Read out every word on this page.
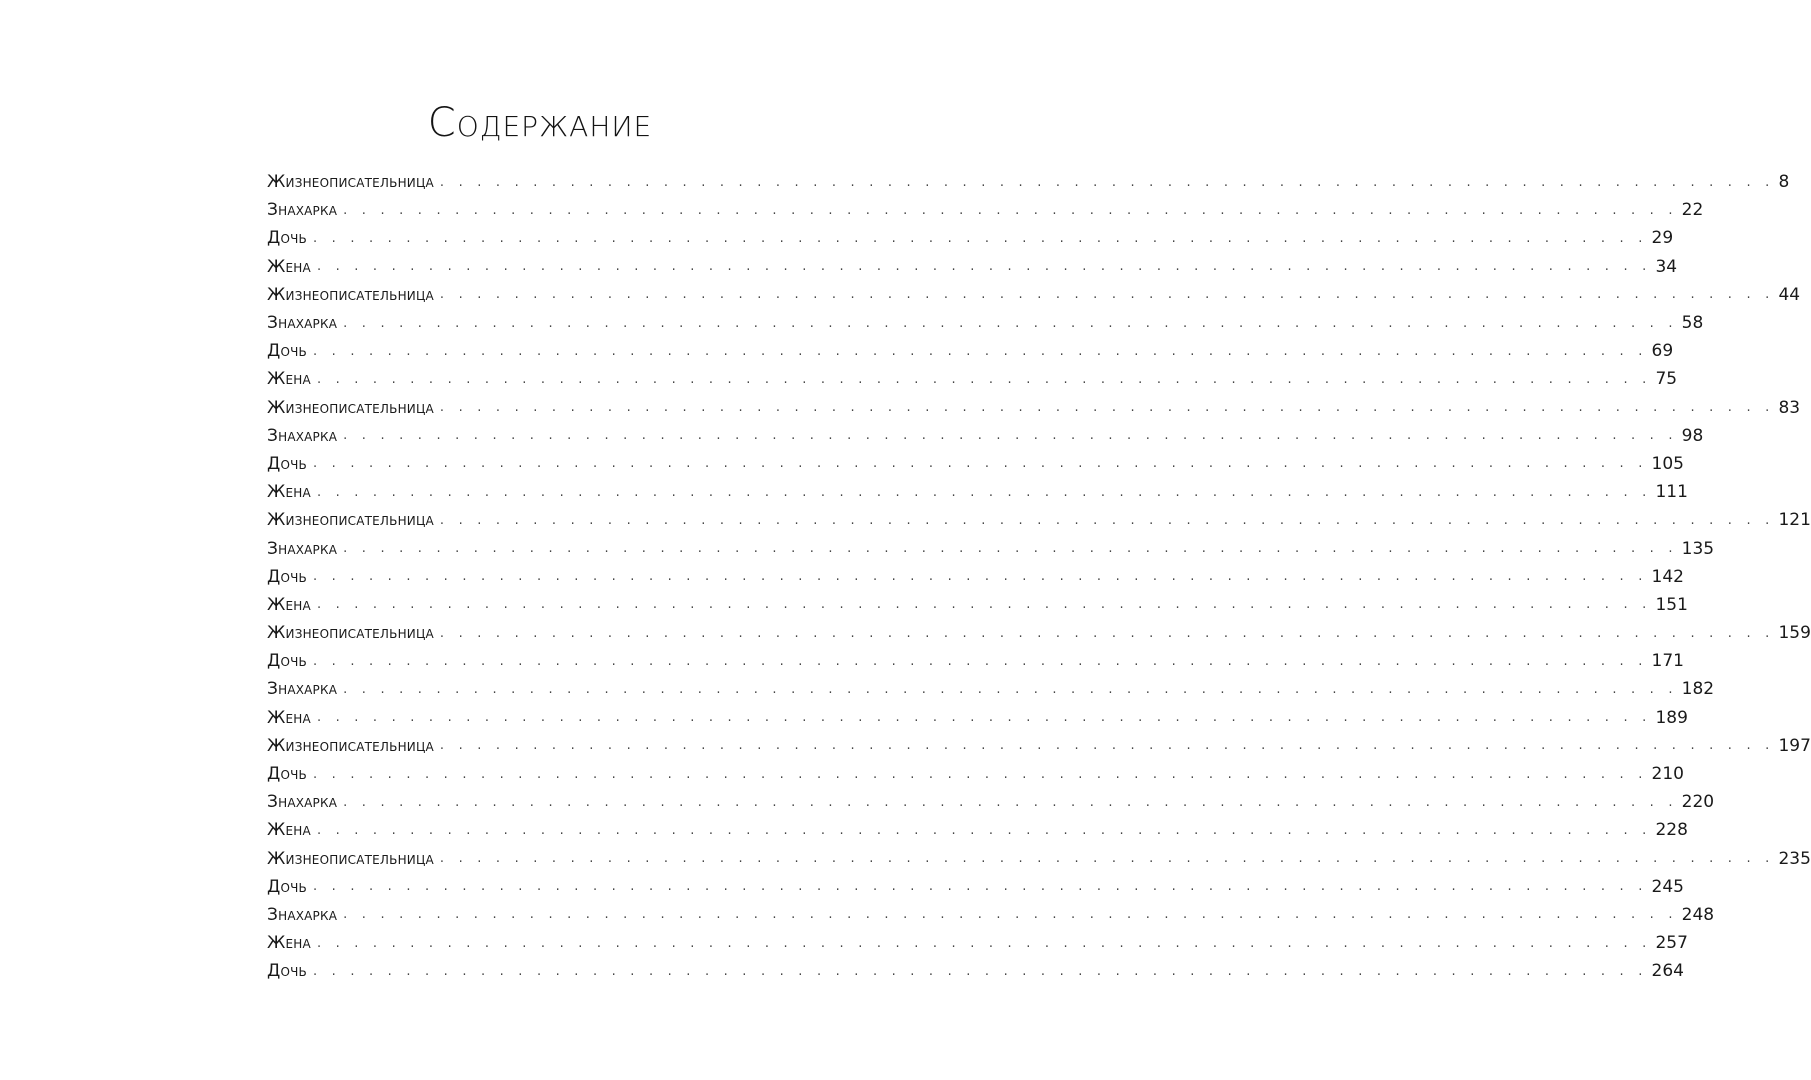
Содержание
Жизнеописательница . . . . . . . . . . . . . . . . . . . . . . . . . . . . . . . . . . . . . . . . . . . . . . . . . . . . . . . . . . . . . . . . . . . . . . . . 8
Знахарка . . . . . . . . . . . . . . . . . . . . . . . . . . . . . . . . . . . . . . . . . . . . . . . . . . . . . . . . . . . . . . . . . . . . . . . . 22
Дочь . . . . . . . . . . . . . . . . . . . . . . . . . . . . . . . . . . . . . . . . . . . . . . . . . . . . . . . . . . . . . . . . . . . . . . . . 29
Жена . . . . . . . . . . . . . . . . . . . . . . . . . . . . . . . . . . . . . . . . . . . . . . . . . . . . . . . . . . . . . . . . . . . . . . . . 34
Жизнеописательница . . . . . . . . . . . . . . . . . . . . . . . . . . . . . . . . . . . . . . . . . . . . . . . . . . . . . . . . . . . . . . . . . . . . . . . . 44
Знахарка . . . . . . . . . . . . . . . . . . . . . . . . . . . . . . . . . . . . . . . . . . . . . . . . . . . . . . . . . . . . . . . . . . . . . . . . 58
Дочь . . . . . . . . . . . . . . . . . . . . . . . . . . . . . . . . . . . . . . . . . . . . . . . . . . . . . . . . . . . . . . . . . . . . . . . . 69
Жена . . . . . . . . . . . . . . . . . . . . . . . . . . . . . . . . . . . . . . . . . . . . . . . . . . . . . . . . . . . . . . . . . . . . . . . . 75
Жизнеописательница . . . . . . . . . . . . . . . . . . . . . . . . . . . . . . . . . . . . . . . . . . . . . . . . . . . . . . . . . . . . . . . . . . . . . . . . 83
Знахарка . . . . . . . . . . . . . . . . . . . . . . . . . . . . . . . . . . . . . . . . . . . . . . . . . . . . . . . . . . . . . . . . . . . . . . . . 98
Дочь . . . . . . . . . . . . . . . . . . . . . . . . . . . . . . . . . . . . . . . . . . . . . . . . . . . . . . . . . . . . . . . . . . . . . . . . 105
Жена . . . . . . . . . . . . . . . . . . . . . . . . . . . . . . . . . . . . . . . . . . . . . . . . . . . . . . . . . . . . . . . . . . . . . . . . 111
Жизнеописательница . . . . . . . . . . . . . . . . . . . . . . . . . . . . . . . . . . . . . . . . . . . . . . . . . . . . . . . . . . . . . . . . . . . . . . . . 121
Знахарка . . . . . . . . . . . . . . . . . . . . . . . . . . . . . . . . . . . . . . . . . . . . . . . . . . . . . . . . . . . . . . . . . . . . . . . . 135
Дочь . . . . . . . . . . . . . . . . . . . . . . . . . . . . . . . . . . . . . . . . . . . . . . . . . . . . . . . . . . . . . . . . . . . . . . . . 142
Жена . . . . . . . . . . . . . . . . . . . . . . . . . . . . . . . . . . . . . . . . . . . . . . . . . . . . . . . . . . . . . . . . . . . . . . . . 151
Жизнеописательница . . . . . . . . . . . . . . . . . . . . . . . . . . . . . . . . . . . . . . . . . . . . . . . . . . . . . . . . . . . . . . . . . . . . . . . . 159
Дочь . . . . . . . . . . . . . . . . . . . . . . . . . . . . . . . . . . . . . . . . . . . . . . . . . . . . . . . . . . . . . . . . . . . . . . . . 171
Знахарка . . . . . . . . . . . . . . . . . . . . . . . . . . . . . . . . . . . . . . . . . . . . . . . . . . . . . . . . . . . . . . . . . . . . . . . . 182
Жена . . . . . . . . . . . . . . . . . . . . . . . . . . . . . . . . . . . . . . . . . . . . . . . . . . . . . . . . . . . . . . . . . . . . . . . . 189
Жизнеописательница . . . . . . . . . . . . . . . . . . . . . . . . . . . . . . . . . . . . . . . . . . . . . . . . . . . . . . . . . . . . . . . . . . . . . . . . 197
Дочь . . . . . . . . . . . . . . . . . . . . . . . . . . . . . . . . . . . . . . . . . . . . . . . . . . . . . . . . . . . . . . . . . . . . . . . . 210
Знахарка . . . . . . . . . . . . . . . . . . . . . . . . . . . . . . . . . . . . . . . . . . . . . . . . . . . . . . . . . . . . . . . . . . . . . . . . 220
Жена . . . . . . . . . . . . . . . . . . . . . . . . . . . . . . . . . . . . . . . . . . . . . . . . . . . . . . . . . . . . . . . . . . . . . . . . 228
Жизнеописательница . . . . . . . . . . . . . . . . . . . . . . . . . . . . . . . . . . . . . . . . . . . . . . . . . . . . . . . . . . . . . . . . . . . . . . . . 235
Дочь . . . . . . . . . . . . . . . . . . . . . . . . . . . . . . . . . . . . . . . . . . . . . . . . . . . . . . . . . . . . . . . . . . . . . . . . 245
Знахарка . . . . . . . . . . . . . . . . . . . . . . . . . . . . . . . . . . . . . . . . . . . . . . . . . . . . . . . . . . . . . . . . . . . . . . . . 248
Жена . . . . . . . . . . . . . . . . . . . . . . . . . . . . . . . . . . . . . . . . . . . . . . . . . . . . . . . . . . . . . . . . . . . . . . . . 257
Дочь . . . . . . . . . . . . . . . . . . . . . . . . . . . . . . . . . . . . . . . . . . . . . . . . . . . . . . . . . . . . . . . . . . . . . . . . 264
